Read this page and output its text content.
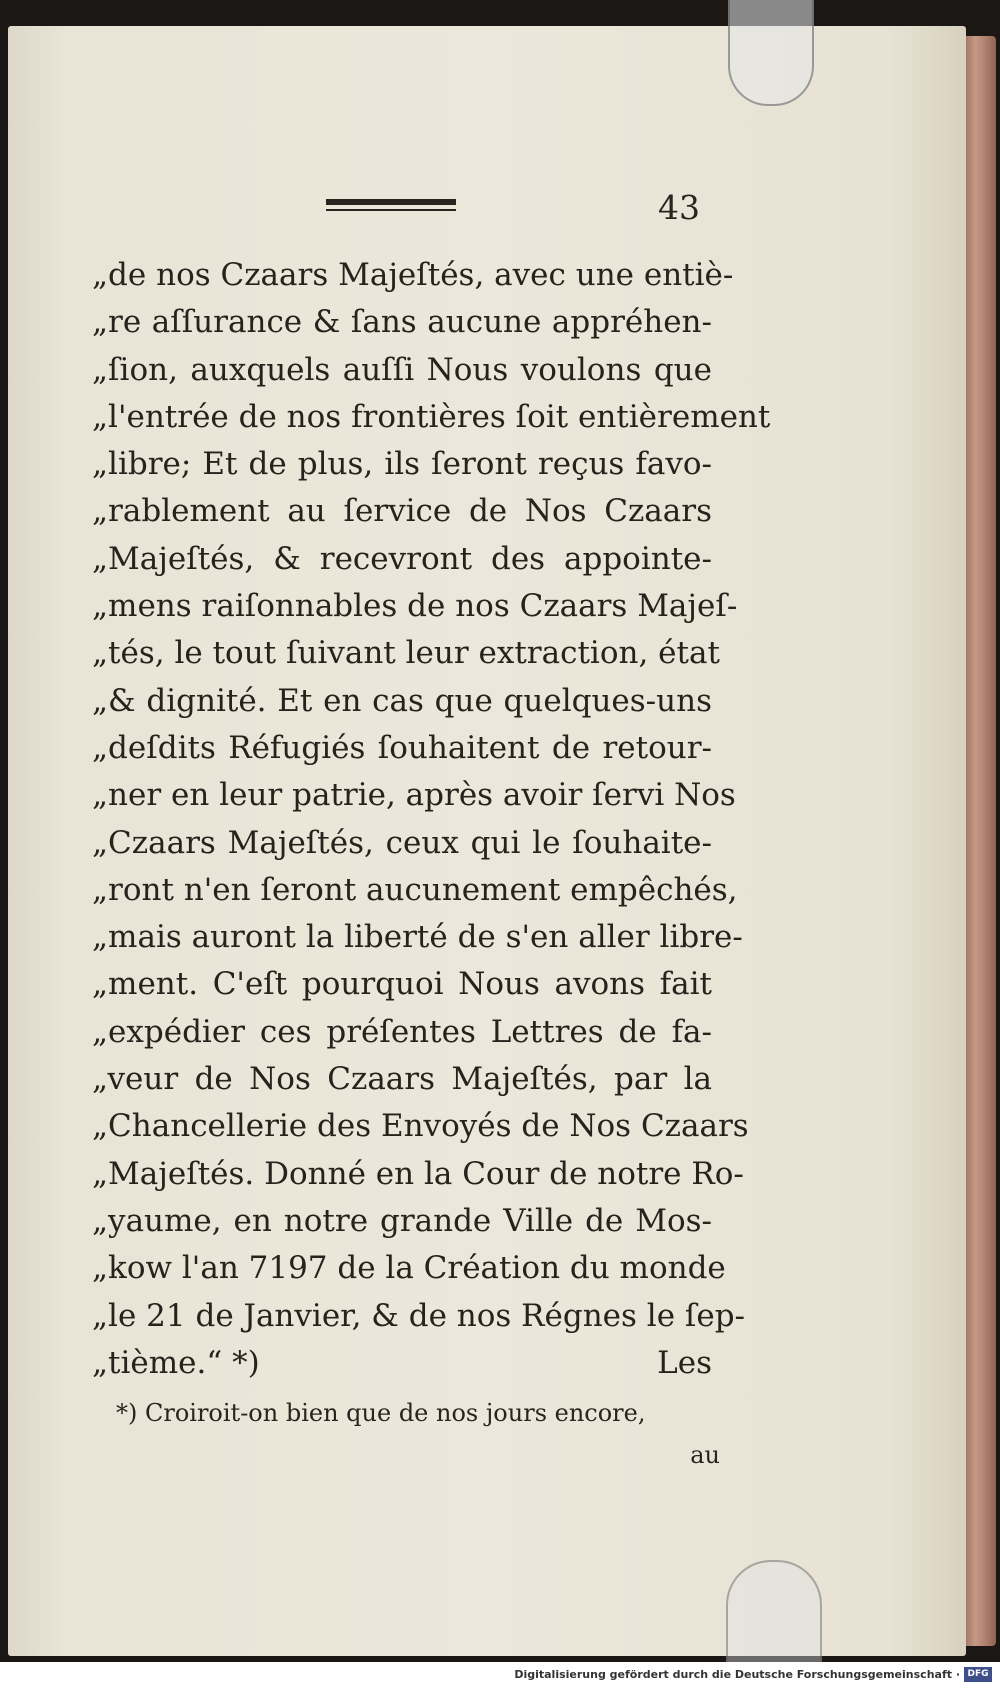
43
„de nos Czaars Majeſtés, avec une entiè-
„re aſſurance & ſans aucune appréhen-
„ſion, auxquels auſſi Nous voulons que
„l'entrée de nos frontières ſoit entièrement
„libre; Et de plus, ils ſeront reçus favo-
„rablement au ſervice de Nos Czaars
„Majeſtés, & recevront des appointe-
„mens raiſonnables de nos Czaars Majeſ-
„tés, le tout ſuivant leur extraction, état
„& dignité. Et en cas que quelques-uns
„deſdits Réfugiés ſouhaitent de retour-
„ner en leur patrie, après avoir ſervi Nos
„Czaars Majeſtés, ceux qui le ſouhaite-
„ront n'en ſeront aucunement empêchés,
„mais auront la liberté de s'en aller libre-
„ment. C'eſt pourquoi Nous avons fait
„expédier ces préſentes Lettres de fa-
„veur de Nos Czaars Majeſtés, par la
„Chancellerie des Envoyés de Nos Czaars
„Majeſtés. Donné en la Cour de notre Ro-
„yaume, en notre grande Ville de Mos-
„kow l'an 7197 de la Création du monde
„le 21 de Janvier, & de nos Régnes le ſep-
„tième.“ *)	Les
*) Croiroit-on bien que de nos jours encore,
au
Digitalisierung gefördert durch die Deutsche Forschungsgemeinschaft · DFG
